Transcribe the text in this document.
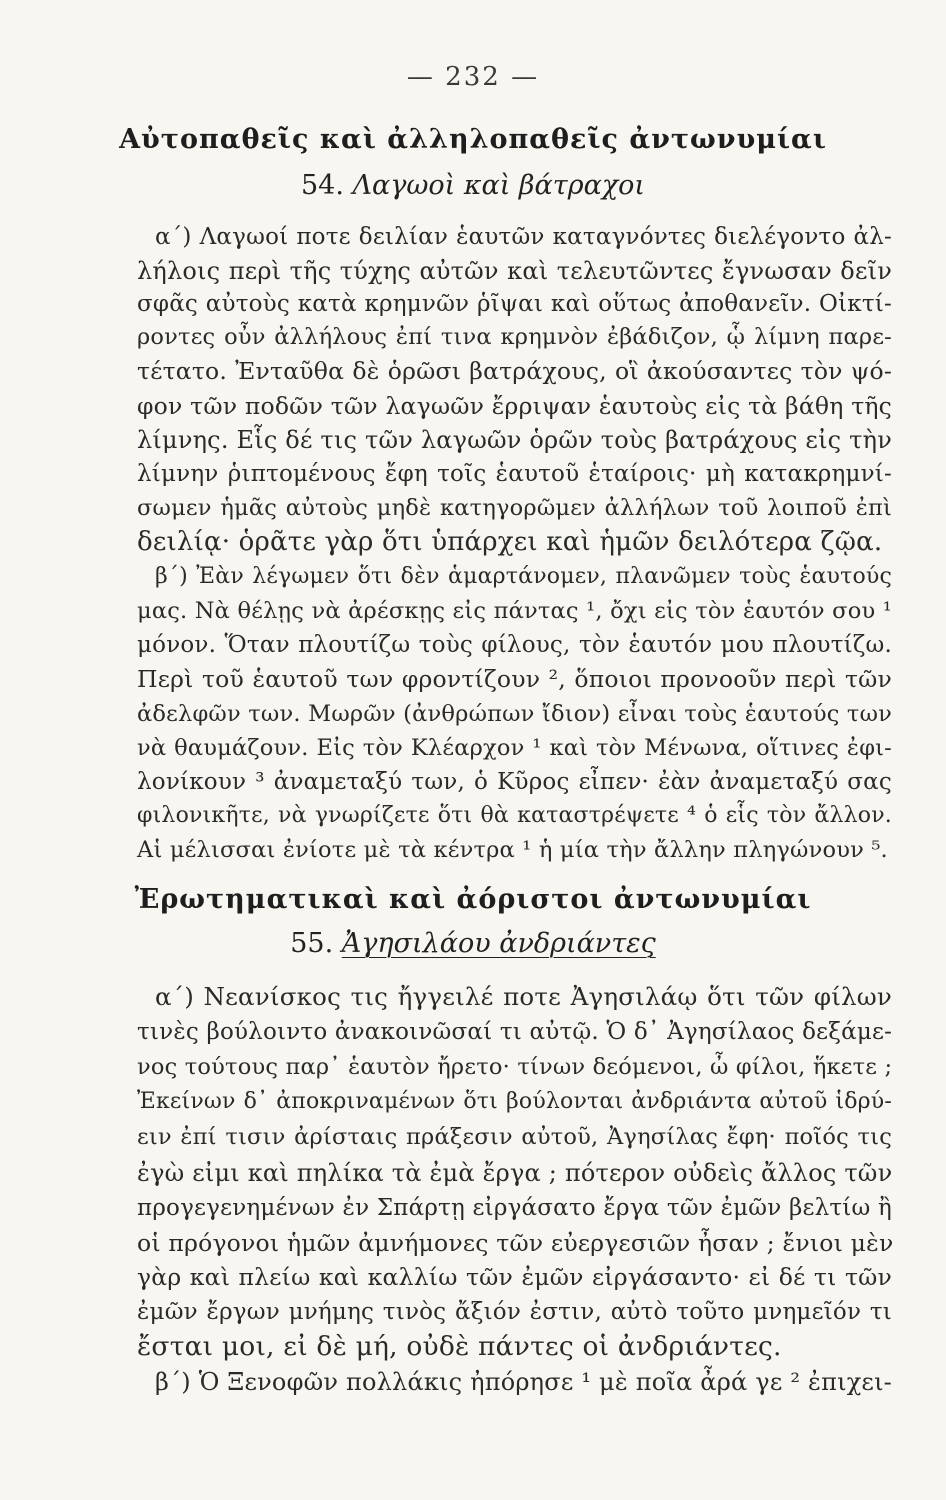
— 232 —
Αὐτοπαθεῖς καὶ ἀλληλοπαθεῖς ἀντωνυμίαι
54. Λαγωοὶ καὶ βάτραχοι
α΄) Λαγωοί ποτε δειλίαν ἑαυτῶν καταγνόντες διελέγοντο ἀλ-
λήλοις περὶ τῆς τύχης αὐτῶν καὶ τελευτῶντες ἔγνωσαν δεῖν
σφᾶς αὐτοὺς κατὰ κρημνῶν ῥῖψαι καὶ οὕτως ἀποθανεῖν. Οἰκτί-
ροντες οὖν ἀλλήλους ἐπί τινα κρημνὸν ἐβάδιζον, ᾧ λίμνη παρε-
τέτατο. Ἐνταῦθα δὲ ὁρῶσι βατράχους, οἳ ἀκούσαντες τὸν ψό-
φον τῶν ποδῶν τῶν λαγωῶν ἔρριψαν ἑαυτοὺς εἰς τὰ βάθη τῆς
λίμνης. Εἷς δέ τις τῶν λαγωῶν ὁρῶν τοὺς βατράχους εἰς τὴν
λίμνην ῥιπτομένους ἔφη τοῖς ἑαυτοῦ ἑταίροις· μὴ κατακρημνί-
σωμεν ἡμᾶς αὐτοὺς μηδὲ κατηγορῶμεν ἀλλήλων τοῦ λοιποῦ ἐπὶ
δειλίᾳ· ὁρᾶτε γὰρ ὅτι ὑπάρχει καὶ ἡμῶν δειλότερα ζῷα.
β΄) Ἐὰν λέγωμεν ὅτι δὲν ἁμαρτάνομεν, πλανῶμεν τοὺς ἑαυτούς
μας. Νὰ θέλῃς νὰ ἀρέσκῃς εἰς πάντας ¹, ὄχι εἰς τὸν ἑαυτόν σου ¹
μόνον. Ὅταν πλουτίζω τοὺς φίλους, τὸν ἑαυτόν μου πλουτίζω.
Περὶ τοῦ ἑαυτοῦ των φροντίζουν ², ὅποιοι προνοοῦν περὶ τῶν
ἀδελφῶν των. Μωρῶν (ἀνθρώπων ἴδιον) εἶναι τοὺς ἑαυτούς των
νὰ θαυμάζουν. Εἰς τὸν Κλέαρχον ¹ καὶ τὸν Μένωνα, οἵτινες ἐφι-
λονίκουν ³ ἀναμεταξύ των, ὁ Κῦρος εἶπεν· ἐὰν ἀναμεταξύ σας
φιλονικῆτε, νὰ γνωρίζετε ὅτι θὰ καταστρέψετε ⁴ ὁ εἷς τὸν ἄλλον.
Αἱ μέλισσαι ἐνίοτε μὲ τὰ κέντρα ¹ ἡ μία τὴν ἄλλην πληγώνουν ⁵.
Ἐρωτηματικαὶ καὶ ἀόριστοι ἀντωνυμίαι
55. Ἀγησιλάου ἀνδριάντες
α΄) Νεανίσκος τις ἤγγειλέ ποτε Ἀγησιλάῳ ὅτι τῶν φίλων
τινὲς βούλοιντο ἀνακοινῶσαί τι αὐτῷ. Ὁ δ᾽ Ἀγησίλαος δεξάμε-
νος τούτους παρ᾽ ἑαυτὸν ἤρετο· τίνων δεόμενοι, ὦ φίλοι, ἥκετε ;
Ἐκείνων δ᾽ ἀποκριναμένων ὅτι βούλονται ἀνδριάντα αὐτοῦ ἱδρύ-
ειν ἐπί τισιν ἀρίσταις πράξεσιν αὐτοῦ, Ἀγησίλας ἔφη· ποῖός τις
ἐγὼ εἰμι καὶ πηλίκα τὰ ἐμὰ ἔργα ; πότερον οὐδεὶς ἄλλος τῶν
προγεγενημένων ἐν Σπάρτῃ εἰργάσατο ἔργα τῶν ἐμῶν βελτίω ἢ
οἱ πρόγονοι ἡμῶν ἀμνήμονες τῶν εὐεργεσιῶν ἦσαν ; ἔνιοι μὲν
γὰρ καὶ πλείω καὶ καλλίω τῶν ἐμῶν εἰργάσαντο· εἰ δέ τι τῶν
ἐμῶν ἔργων μνήμης τινὸς ἄξιόν ἐστιν, αὐτὸ τοῦτο μνημεῖόν τι
ἔσται μοι, εἰ δὲ μή, οὐδὲ πάντες οἱ ἀνδριάντες.
β΄) Ὁ Ξενοφῶν πολλάκις ἠπόρησε ¹ μὲ ποῖα ἆρά γε ² ἐπιχει-
